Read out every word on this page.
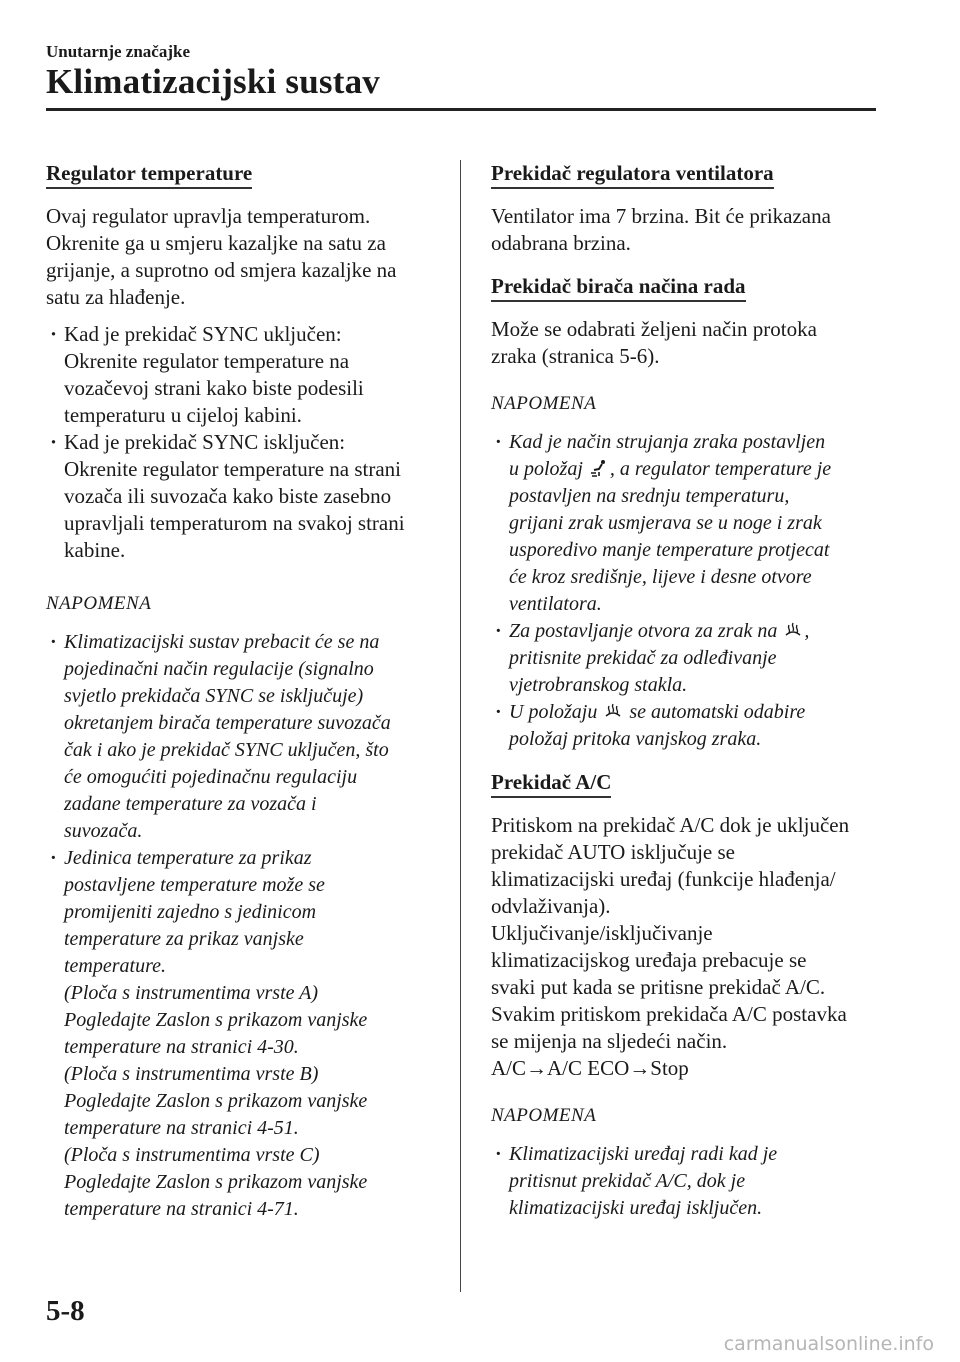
Unutarnje značajke
Klimatizacijski sustav
Regulator temperature

Ovaj regulator upravlja temperaturom.
Okrenite ga u smjeru kazaljke na satu za
grijanje, a suprotno od smjera kazaljke na
satu za hlađenje.

· Kad je prekidač SYNC uključen:
Okrenite regulator temperature na
vozačevoj strani kako biste podesili
temperaturu u cijeloj kabini.
· Kad je prekidač SYNC isključen:
Okrenite regulator temperature na strani
vozača ili suvozača kako biste zasebno
upravljali temperaturom na svakoj strani
kabine.

NAPOMENA

· Klimatizacijski sustav prebacit će se na
pojedinačni način regulacije (signalno
svjetlo prekidača SYNC se isključuje)
okretanjem birača temperature suvozača
čak i ako je prekidač SYNC uključen, što
će omogućiti pojedinačnu regulaciju
zadane temperature za vozača i
suvozača.
· Jedinica temperature za prikaz
postavljene temperature može se
promijeniti zajedno s jedinicom
temperature za prikaz vanjske
temperature.
(Ploča s instrumentima vrste A)
Pogledajte Zaslon s prikazom vanjske
temperature na stranici 4-30.
(Ploča s instrumentima vrste B)
Pogledajte Zaslon s prikazom vanjske
temperature na stranici 4-51.
(Ploča s instrumentima vrste C)
Pogledajte Zaslon s prikazom vanjske
temperature na stranici 4-71.
Prekidač regulatora ventilatora

Ventilator ima 7 brzina. Bit će prikazana
odabrana brzina.

Prekidač birača načina rada

Može se odabrati željeni način protoka
zraka (stranica 5-6).

NAPOMENA

· Kad je način strujanja zraka postavljen
u položaj , a regulator temperature je
postavljen na srednju temperaturu,
grijani zrak usmjerava se u noge i zrak
usporedivo manje temperature protjecat
će kroz središnje, lijeve i desne otvore
ventilatora.
· Za postavljanje otvora za zrak na ,
pritisnite prekidač za odleđivanje
vjetrobranskog stakla.
· U položaju se automatski odabire
položaj pritoka vanjskog zraka.
Prekidač A/C

Pritiskom na prekidač A/C dok je uključen
prekidač AUTO isključuje se
klimatizacijski uređaj (funkcije hlađenja/
odvlaživanja).
Uključivanje/isključivanje
klimatizacijskog uređaja prebacuje se
svaki put kada se pritisne prekidač A/C.
Svakim pritiskom prekidača A/C postavka
se mijenja na sljedeći način.
A/C→A/C ECO→Stop

NAPOMENA

· Klimatizacijski uređaj radi kad je
pritisnut prekidač A/C, dok je
klimatizacijski uređaj isključen.
5-8
carmanualsonline.info
